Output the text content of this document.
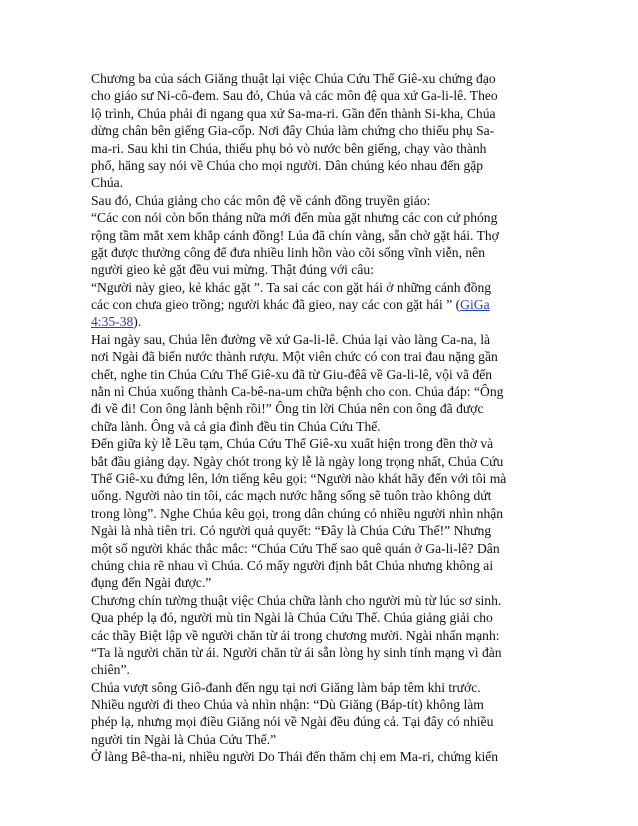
Chương ba của sách Giăng thuật lại việc Chúa Cứu Thế Giê-xu chứng đạo
cho giáo sư Ni-cô-đem. Sau đó, Chúa và các môn đệ qua xứ Ga-li-lê. Theo
lộ trình, Chúa phải đi ngang qua xứ Sa-ma-ri. Gần đến thành Si-kha, Chúa
dừng chân bên giếng Gia-cốp. Nơi đây Chúa làm chứng cho thiếu phụ Sa-
ma-ri. Sau khi tin Chúa, thiếu phụ bỏ vò nước bên giếng, chạy vào thành
phố, hăng say nói về Chúa cho mọi người. Dân chúng kéo nhau đến gặp
Chúa.
Sau đó, Chúa giảng cho các môn đệ về cánh đồng truyền giáo:
“Các con nói còn bốn tháng nữa mới đến mùa gặt nhưng các con cứ phóng
rộng tầm mắt xem khắp cánh đồng! Lúa đã chín vàng, sẵn chờ gặt hái. Thợ
gặt được thưởng công để đưa nhiều linh hồn vào cõi sống vĩnh viễn, nên
người gieo kẻ gặt đều vui mừng. Thật đúng với câu:
“Người này gieo, kẻ khác gặt ”. Ta sai các con gặt hái ở những cánh đồng
các con chưa gieo trồng; người khác đã gieo, nay các con gặt hái ” (GiGa
4:35-38).
Hai ngày sau, Chúa lên đường về xứ Ga-li-lê. Chúa lại vào làng Ca-na, là
nơi Ngài đã biến nước thành rượu. Một viên chức có con trai đau nặng gần
chết, nghe tin Chúa Cứu Thế Giê-xu đã từ Giu-đêâ về Ga-li-lê, vội vã đến
nằn nì Chúa xuống thành Ca-bê-na-um chữa bệnh cho con. Chúa đáp: “Ông
đi về đi! Con ông lành bệnh rồi!” Ông tin lời Chúa nên con ông đã được
chữa lành. Ông và cả gia đình đều tin Chúa Cứu Thế.
Đến giữa kỳ lễ Lều tạm, Chúa Cứu Thế Giê-xu xuất hiện trong đền thờ và
bắt đầu giảng dạy. Ngày chót trong kỳ lễ là ngày long trọng nhất, Chúa Cứu
Thế Giê-xu đứng lên, lớn tiếng kêu gọi: “Người nào khát hãy đến với tôi mà
uống. Người nào tin tôi, các mạch nước hằng sống sẽ tuôn trào không dứt
trong lòng”. Nghe Chúa kêu gọi, trong dân chúng có nhiều người nhìn nhận
Ngài là nhà tiên tri. Có người quả quyết: “Đây là Chúa Cứu Thế!” Nhưng
một số người khác thắc mắc: “Chúa Cứu Thế sao quê quán ở Ga-li-lê? Dân
chúng chia rẽ nhau vì Chúa. Có mấy người định bắt Chúa nhưng không ai
đụng đến Ngài được.”
Chương chín tường thuật việc Chúa chữa lành cho người mù từ lúc sơ sinh.
Qua phép lạ đó, người mù tin Ngài là Chúa Cứu Thế. Chúa giảng giải cho
các thầy Biệt lập về người chăn từ ái trong chương mười. Ngài nhấn mạnh:
“Ta là người chăn từ ái. Người chăn từ ái sẵn lòng hy sinh tính mạng vì đàn
chiên”.
Chúa vượt sông Giô-đanh đến ngụ tại nơi Giăng làm báp têm khi trước.
Nhiều người đi theo Chúa và nhìn nhận: “Dù Giăng (Báp-tít) không làm
phép lạ, nhưng mọi điều Giăng nói về Ngài đều đúng cả. Tại đây có nhiều
người tin Ngài là Chúa Cứu Thế.”
Ở làng Bê-tha-ni, nhiều người Do Thái đến thăm chị em Ma-ri, chứng kiến
